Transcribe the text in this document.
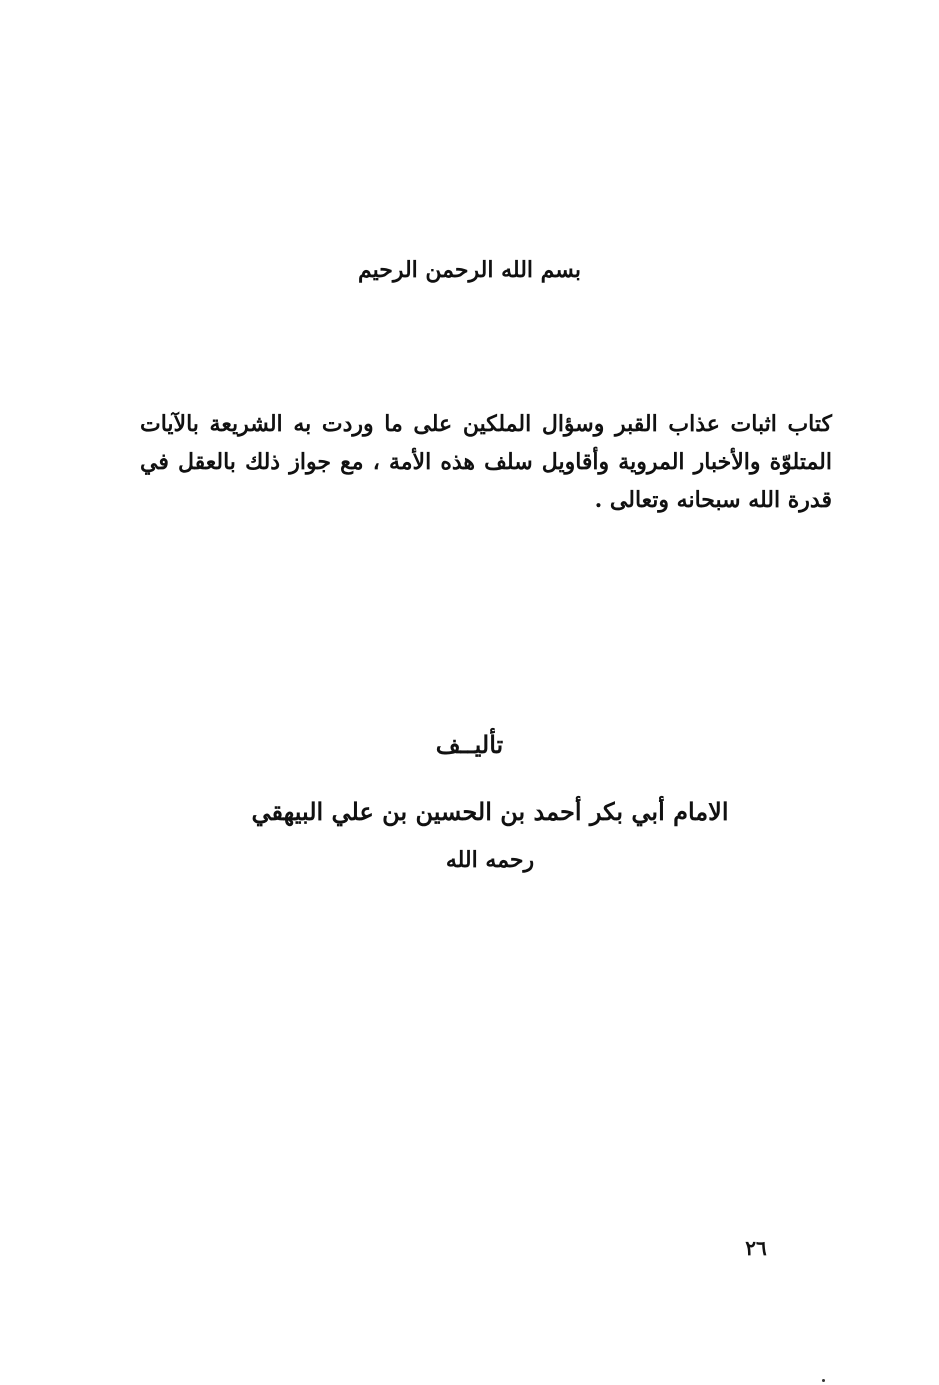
بسم الله الرحمن الرحيم
كتاب اثبات عذاب القبر وسؤال الملكين على ما وردت به الشريعة بالآيات المتلوّة والأخبار المروية وأقاويل سلف هذه الأمة ، مع جواز ذلك بالعقل في قدرة الله سبحانه وتعالى .
تأليــف
الامام أبي بكر أحمد بن الحسين بن علي البيهقي
رحمه الله
٢٦
